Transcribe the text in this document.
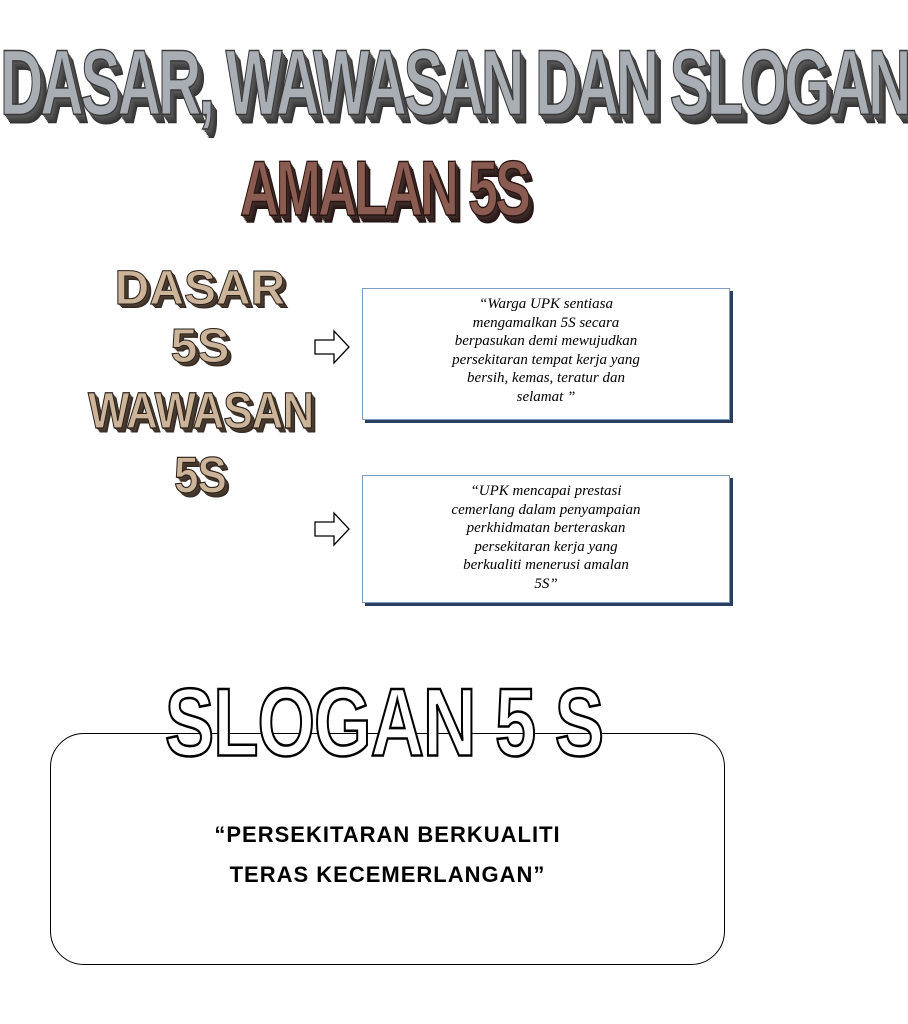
DASAR, WAWASAN DAN SLOGAN
AMALAN 5S
DASAR
5S
WAWASAN
5S

“Warga UPK sentiasa

mengamalkan 5S secara

berpasukan demi mewujudkan

persekitaran tempat kerja yang

bersih, kemas, teratur dan

selamat ”

“UPK mencapai prestasi

cemerlang dalam penyampaian

perkhidmatan berteraskan

persekitaran kerja yang

berkualiti menerusi amalan

5S”

SLOGAN 5 S
“PERSEKITARAN BERKUALITI
TERAS KECEMERLANGAN”
